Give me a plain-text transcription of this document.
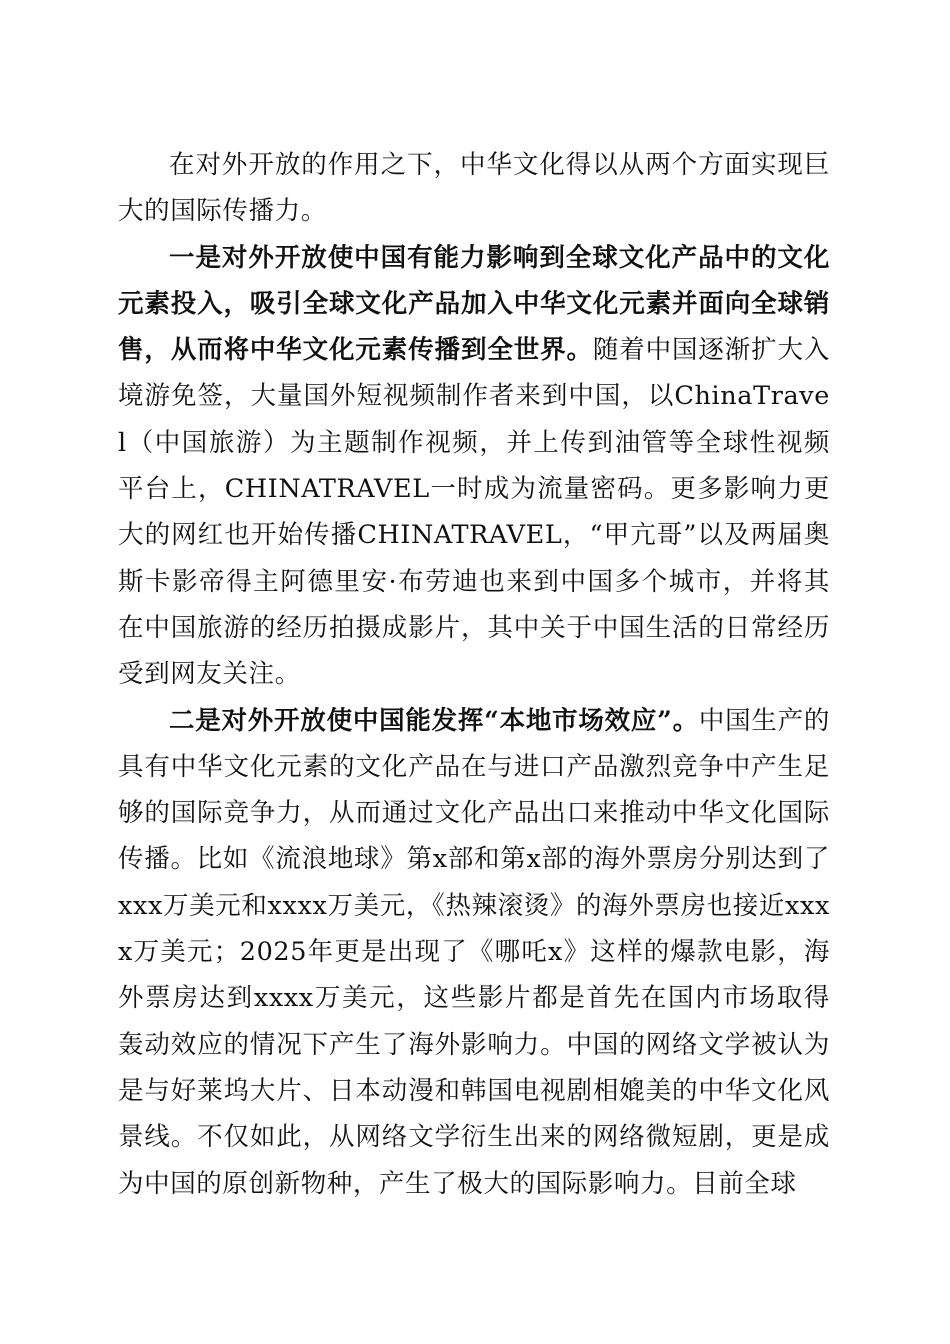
在对外开放的作用之下，中华文化得以从两个方面实现巨大的国际传播力。

一是对外开放使中国有能力影响到全球文化产品中的文化元素投入，吸引全球文化产品加入中华文化元素并面向全球销售，从而将中华文化元素传播到全世界。随着中国逐渐扩大入境游免签，大量国外短视频制作者来到中国，以ChinaTravel（中国旅游）为主题制作视频，并上传到油管等全球性视频平台上，CHINATRAVEL一时成为流量密码。更多影响力更大的网红也开始传播CHINATRAVEL，“甲亢哥”以及两届奥斯卡影帝得主阿德里安·布劳迪也来到中国多个城市，并将其在中国旅游的经历拍摄成影片，其中关于中国生活的日常经历受到网友关注。

二是对外开放使中国能发挥“本地市场效应”。中国生产的具有中华文化元素的文化产品在与进口产品激烈竞争中产生足够的国际竞争力，从而通过文化产品出口来推动中华文化国际传播。比如《流浪地球》第x部和第x部的海外票房分别达到了xxx万美元和xxxx万美元，《热辣滚烫》的海外票房也接近xxxx万美元；2025年更是出现了《哪吒x》这样的爆款电影，海外票房达到xxxx万美元，这些影片都是首先在国内市场取得轰动效应的情况下产生了海外影响力。中国的网络文学被认为是与好莱坞大片、日本动漫和韩国电视剧相媲美的中华文化风景线。不仅如此，从网络文学衍生出来的网络微短剧，更是成为中国的原创新物种，产生了极大的国际影响力。目前全球
